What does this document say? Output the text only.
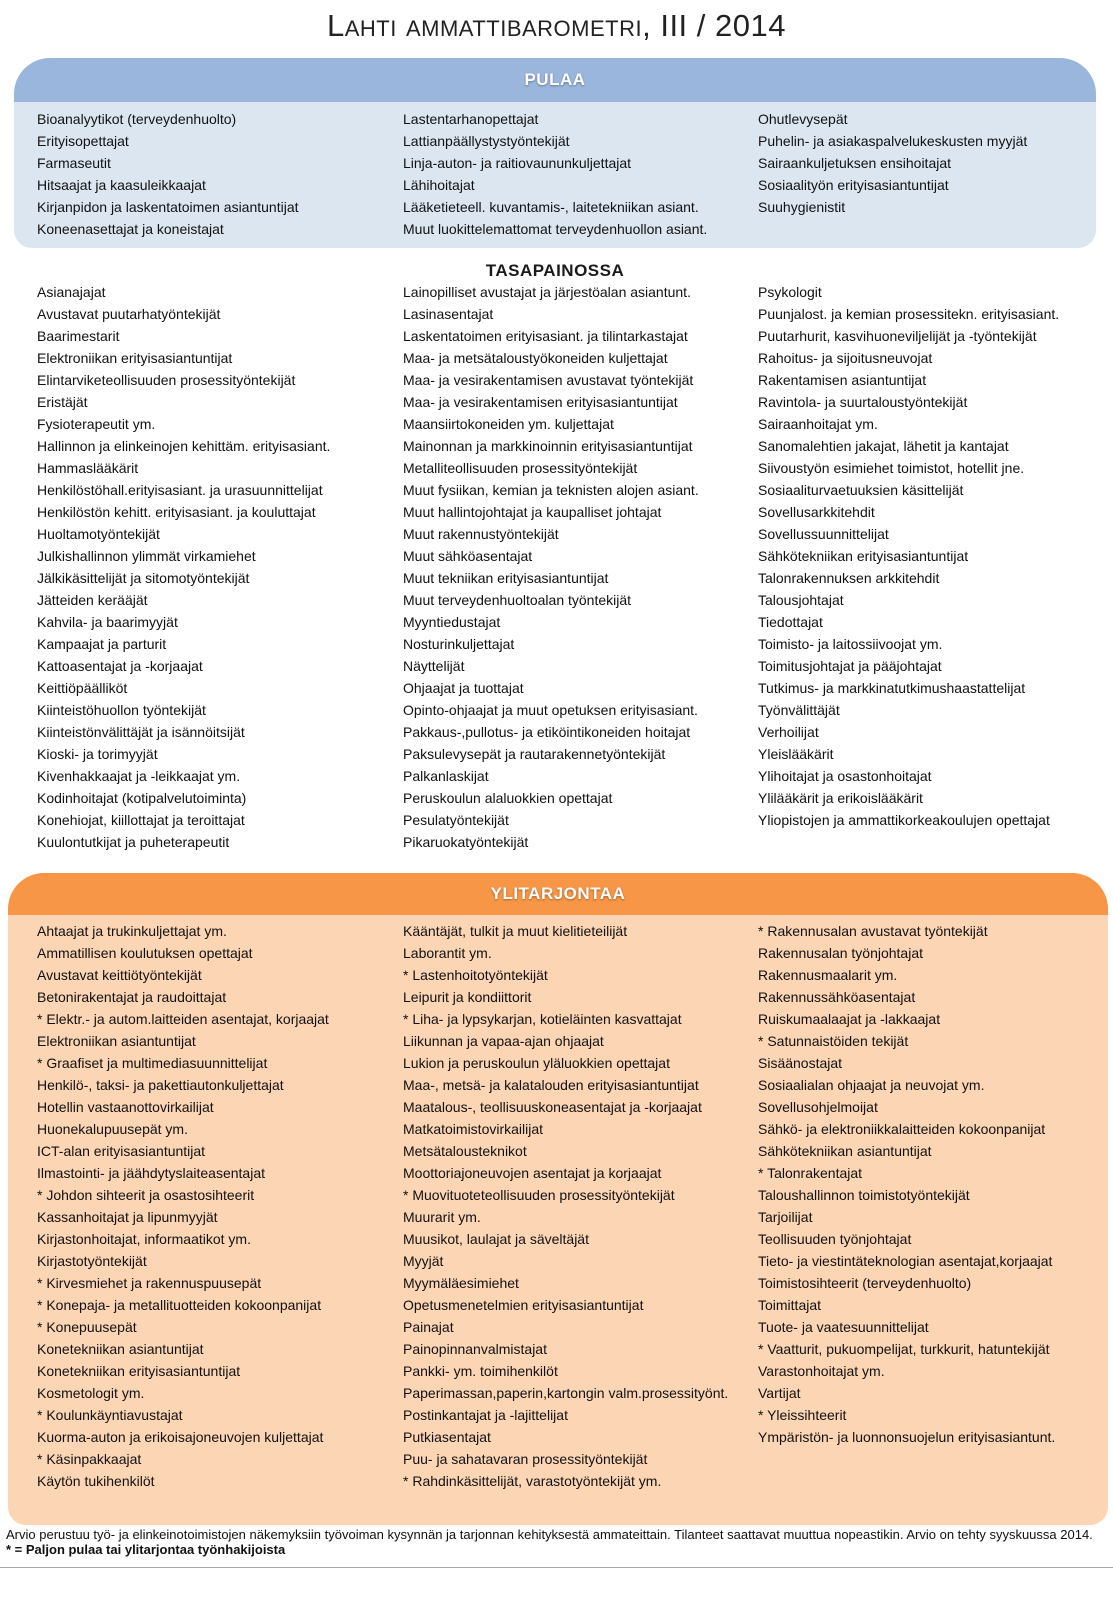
Lahti ammattibarometri, III / 2014
PULAA
Bioanalyytikot (terveydenhuolto)
Erityisopettajat
Farmaseutit
Hitsaajat ja kaasuleikkaajat
Kirjanpidon ja laskentatoimen asiantuntijat
Koneenasettajat ja koneistajat
Lastentarhanopettajat
Lattianpäällystystyöntekijät
Linja-auton- ja raitiovaununkuljettajat
Lähihoitajat
Lääketieteell. kuvantamis-, laitetekniikan asiant.
Muut luokittelemattomat terveydenhuollon asiant.
Ohutlevysepät
Puhelin- ja asiakaspalvelukeskusten myyjät
Sairaankuljetuksen ensihoitajat
Sosiaalityön erityisasiantuntijat
Suuhygienistit
TASAPAINOSSA
Asianajajat
Avustavat puutarhatyöntekijät
Baarimestarit
Elektroniikan erityisasiantuntijat
Elintarviketeollisuuden prosessityöntekijät
Eristäjät
Fysioterapeutit ym.
Hallinnon ja elinkeinojen kehittäm. erityisasiant.
Hammaslääkärit
Henkilöstöhall.erityisasiant. ja urasuunnittelijat
Henkilöstön kehitt. erityisasiant. ja kouluttajat
Huoltamotyöntekijät
Julkishallinnon ylimmät virkamiehet
Jälkikäsittelijät ja sitomotyöntekijät
Jätteiden kerääjät
Kahvila- ja baarimyyjät
Kampaajat ja parturit
Kattoasentajat ja -korjaajat
Keittiöpäälliköt
Kiinteistöhuollon työntekijät
Kiinteistönvälittäjät ja isännöitsijät
Kioski- ja torimyyjät
Kivenhakkaajat ja -leikkaajat ym.
Kodinhoitajat (kotipalvelutoiminta)
Konehiojat, kiillottajat ja teroittajat
Kuulontutkijat ja puheterapeutit
Lainopilliset avustajat ja järjestöalan asiantunt.
Lasinasentajat
Laskentatoimen erityisasiant. ja tilintarkastajat
Maa- ja metsätaloustyökoneiden kuljettajat
Maa- ja vesirakentamisen avustavat työntekijät
Maa- ja vesirakentamisen erityisasiantuntijat
Maansiirtokoneiden ym. kuljettajat
Mainonnan ja markkinoinnin erityisasiantuntijat
Metalliteollisuuden prosessityöntekijät
Muut fysiikan, kemian ja teknisten alojen asiant.
Muut hallintojohtajat ja kaupalliset johtajat
Muut rakennustyöntekijät
Muut sähköasentajat
Muut tekniikan erityisasiantuntijat
Muut terveydenhuoltoalan työntekijät
Myyntiedustajat
Nosturinkuljettajat
Näyttelijät
Ohjaajat ja tuottajat
Opinto-ohjaajat ja muut opetuksen erityisasiant.
Pakkaus-,pullotus- ja etiköintikoneiden hoitajat
Paksulevysepät ja rautarakennetyöntekijät
Palkanlaskijat
Peruskoulun alaluokkien opettajat
Pesulatyöntekijät
Pikaruokatyöntekijät
Psykologit
Puunjalost. ja kemian prosessitekn. erityisasiant.
Puutarhurit, kasvihuoneviljelijät ja -työntekijät
Rahoitus- ja sijoitusneuvojat
Rakentamisen asiantuntijat
Ravintola- ja suurtaloustyöntekijät
Sairaanhoitajat ym.
Sanomalehtien jakajat, lähetit ja kantajat
Siivoustyön esimiehet toimistot, hotellit jne.
Sosiaaliturvaetuuksien käsittelijät
Sovellusarkkitehdit
Sovellussuunnittelijat
Sähkötekniikan erityisasiantuntijat
Talonrakennuksen arkkitehdit
Talousjohtajat
Tiedottajat
Toimisto- ja laitossiivoojat ym.
Toimitusjohtajat ja pääjohtajat
Tutkimus- ja markkinatutkimushaastattelijat
Työnvälittäjät
Verhoilijat
Yleislääkärit
Ylihoitajat ja osastonhoitajat
Ylilääkärit ja erikoislääkärit
Yliopistojen ja ammattikorkeakoulujen opettajat
YLITARJONTAA
Ahtaajat ja trukinkuljettajat ym.
Ammatillisen koulutuksen opettajat
Avustavat keittiötyöntekijät
Betonirakentajat ja raudoittajat
* Elektr.- ja autom.laitteiden asentajat, korjaajat
Elektroniikan asiantuntijat
* Graafiset ja multimediasuunnittelijat
Henkilö-, taksi- ja pakettiautonkuljettajat
Hotellin vastaanottovirkailijat
Huonekalupuusepät ym.
ICT-alan erityisasiantuntijat
Ilmastointi- ja jäähdytyslaiteasentajat
* Johdon sihteerit ja osastosihteerit
Kassanhoitajat ja lipunmyyjät
Kirjastonhoitajat, informaatikot ym.
Kirjastotyöntekijät
* Kirvesmiehet ja rakennuspuusepät
* Konepaja- ja metallituotteiden kokoonpanijat
* Konepuusepät
Konetekniikan asiantuntijat
Konetekniikan erityisasiantuntijat
Kosmetologit ym.
* Koulunkäyntiavustajat
Kuorma-auton ja erikoisajoneuvojen kuljettajat
* Käsinpakkaajat
Käytön tukihenkilöt
Kääntäjät, tulkit ja muut kielitieteilijät
Laborantit ym.
* Lastenhoitotyöntekijät
Leipurit ja kondiittorit
* Liha- ja lypsykarjan, kotieläinten kasvattajat
Liikunnan ja vapaa-ajan ohjaajat
Lukion ja peruskoulun yläluokkien opettajat
Maa-, metsä- ja kalatalouden erityisasiantuntijat
Maatalous-, teollisuuskoneasentajat ja -korjaajat
Matkatoimistovirkailijat
Metsätalousteknikot
Moottoriajoneuvojen asentajat ja korjaajat
* Muovituoteteollisuuden prosessityöntekijät
Muurarit ym.
Muusikot, laulajat ja säveltäjät
Myyjät
Myymäläesimiehet
Opetusmenetelmien erityisasiantuntijat
Painajat
Painopinnanvalmistajat
Pankki- ym. toimihenkilöt
Paperimassan,paperin,kartongin valm.prosessityönt.
Postinkantajat ja -lajittelijat
Putkiasentajat
Puu- ja sahatavaran prosessityöntekijät
* Rahdinkäsittelijät, varastotyöntekijät ym.
* Rakennusalan avustavat työntekijät
Rakennusalan työnjohtajat
Rakennusmaalarit ym.
Rakennussähköasentajat
Ruiskumaalaajat ja -lakkaajat
* Satunnaistöiden tekijät
Sisäänostajat
Sosiaalialan ohjaajat ja neuvojat ym.
Sovellusohjelmoijat
Sähkö- ja elektroniikkalaitteiden kokoonpanijat
Sähkötekniikan asiantuntijat
* Talonrakentajat
Taloushallinnon toimistotyöntekijät
Tarjoilijat
Teollisuuden työnjohtajat
Tieto- ja viestintäteknologian asentajat,korjaajat
Toimistosihteerit (terveydenhuolto)
Toimittajat
Tuote- ja vaatesuunnittelijat
* Vaatturit, pukuompelijat, turkkurit, hatuntekijät
Varastonhoitajat ym.
Vartijat
* Yleissihteerit
Ympäristön- ja luonnonsuojelun erityisasiantunt.
Arvio perustuu työ- ja elinkeinotoimistojen näkemyksiin työvoiman kysynnän ja tarjonnan kehityksestä ammateittain. Tilanteet saattavat muuttua nopeastikin. Arvio on tehty syyskuussa 2014.
* = Paljon pulaa tai ylitarjontaa työnhakijoista
